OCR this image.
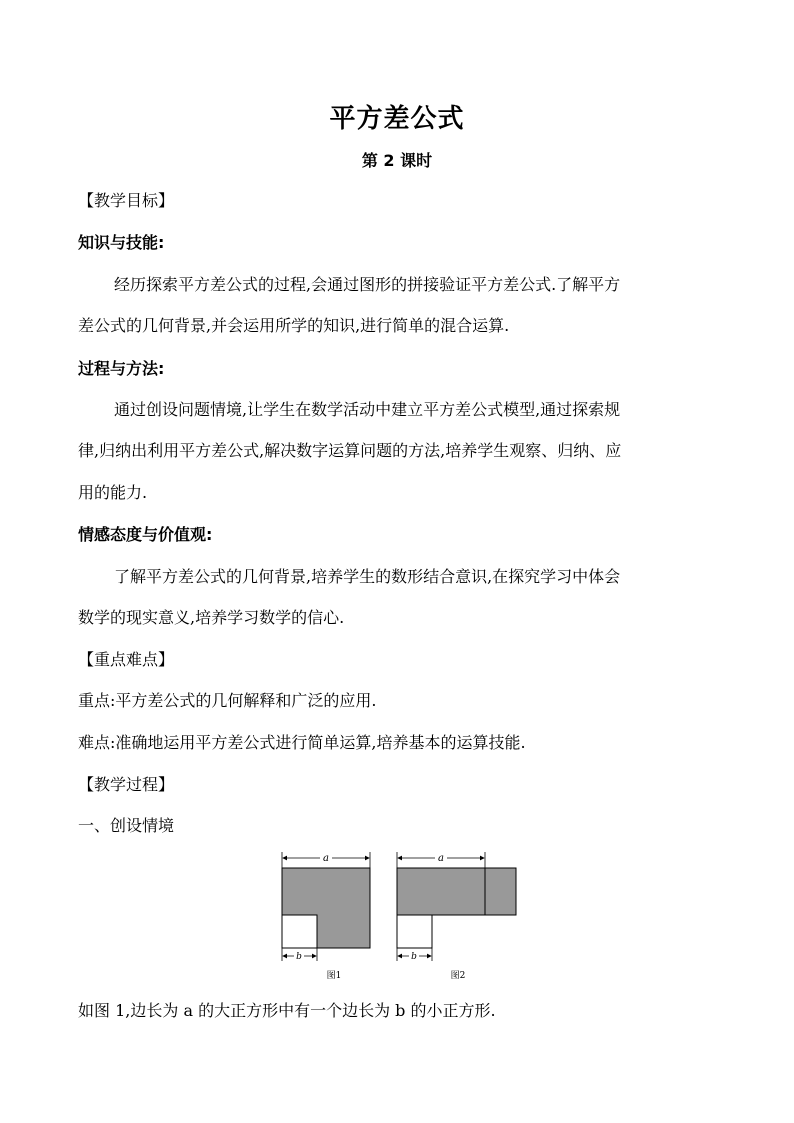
平方差公式
第 2 课时
【教学目标】
知识与技能:
经历探索平方差公式的过程,会通过图形的拼接验证平方差公式.了解平方
差公式的几何背景,并会运用所学的知识,进行简单的混合运算.
过程与方法:
通过创设问题情境,让学生在数学活动中建立平方差公式模型,通过探索规
律,归纳出利用平方差公式,解决数字运算问题的方法,培养学生观察、归纳、应
用的能力.
情感态度与价值观:
了解平方差公式的几何背景,培养学生的数形结合意识,在探究学习中体会
数学的现实意义,培养学习数学的信心.
【重点难点】
重点:平方差公式的几何解释和广泛的应用.
难点:准确地运用平方差公式进行简单运算,培养基本的运算技能.
【教学过程】
一、创设情境
a
b
图1
a
b
图2
如图 1,边长为 a 的大正方形中有一个边长为 b 的小正方形.
